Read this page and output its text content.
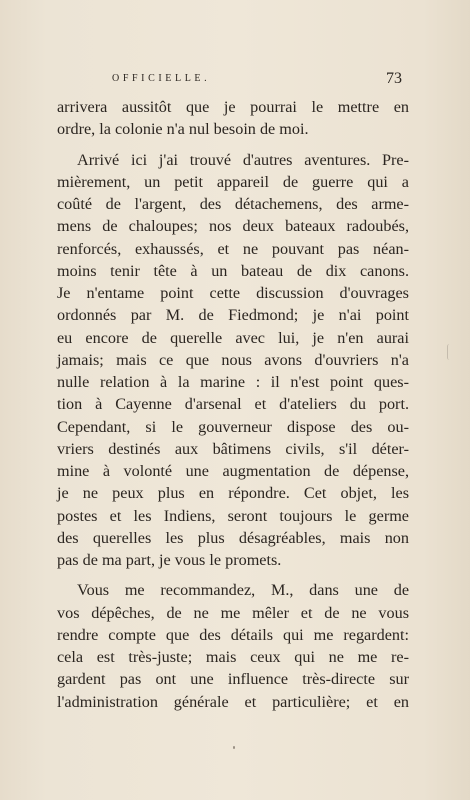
OFFICIELLE.	73
arrivera aussitôt que je pourrai le mettre en
ordre, la colonie n'a nul besoin de moi.
Arrivé ici j'ai trouvé d'autres aventures. Pre-
mièrement, un petit appareil de guerre qui a
coûté de l'argent, des détachemens, des arme-
mens de chaloupes; nos deux bateaux radoubés,
renforcés, exhaussés, et ne pouvant pas néan-
moins tenir tête à un bateau de dix canons.
Je n'entame point cette discussion d'ouvrages
ordonnés par M. de Fiedmond; je n'ai point
eu encore de querelle avec lui, je n'en aurai
jamais; mais ce que nous avons d'ouvriers n'a
nulle relation à la marine : il n'est point ques-
tion à Cayenne d'arsenal et d'ateliers du port.
Cependant, si le gouverneur dispose des ou-
vriers destinés aux bâtimens civils, s'il déter-
mine à volonté une augmentation de dépense,
je ne peux plus en répondre. Cet objet, les
postes et les Indiens, seront toujours le germe
des querelles les plus désagréables, mais non
pas de ma part, je vous le promets.
Vous me recommandez, M., dans une de
vos dépêches, de ne me mêler et de ne vous
rendre compte que des détails qui me regardent:
cela est très-juste; mais ceux qui ne me re-
gardent pas ont une influence très-directe sur
l'administration générale et particulière; et en
